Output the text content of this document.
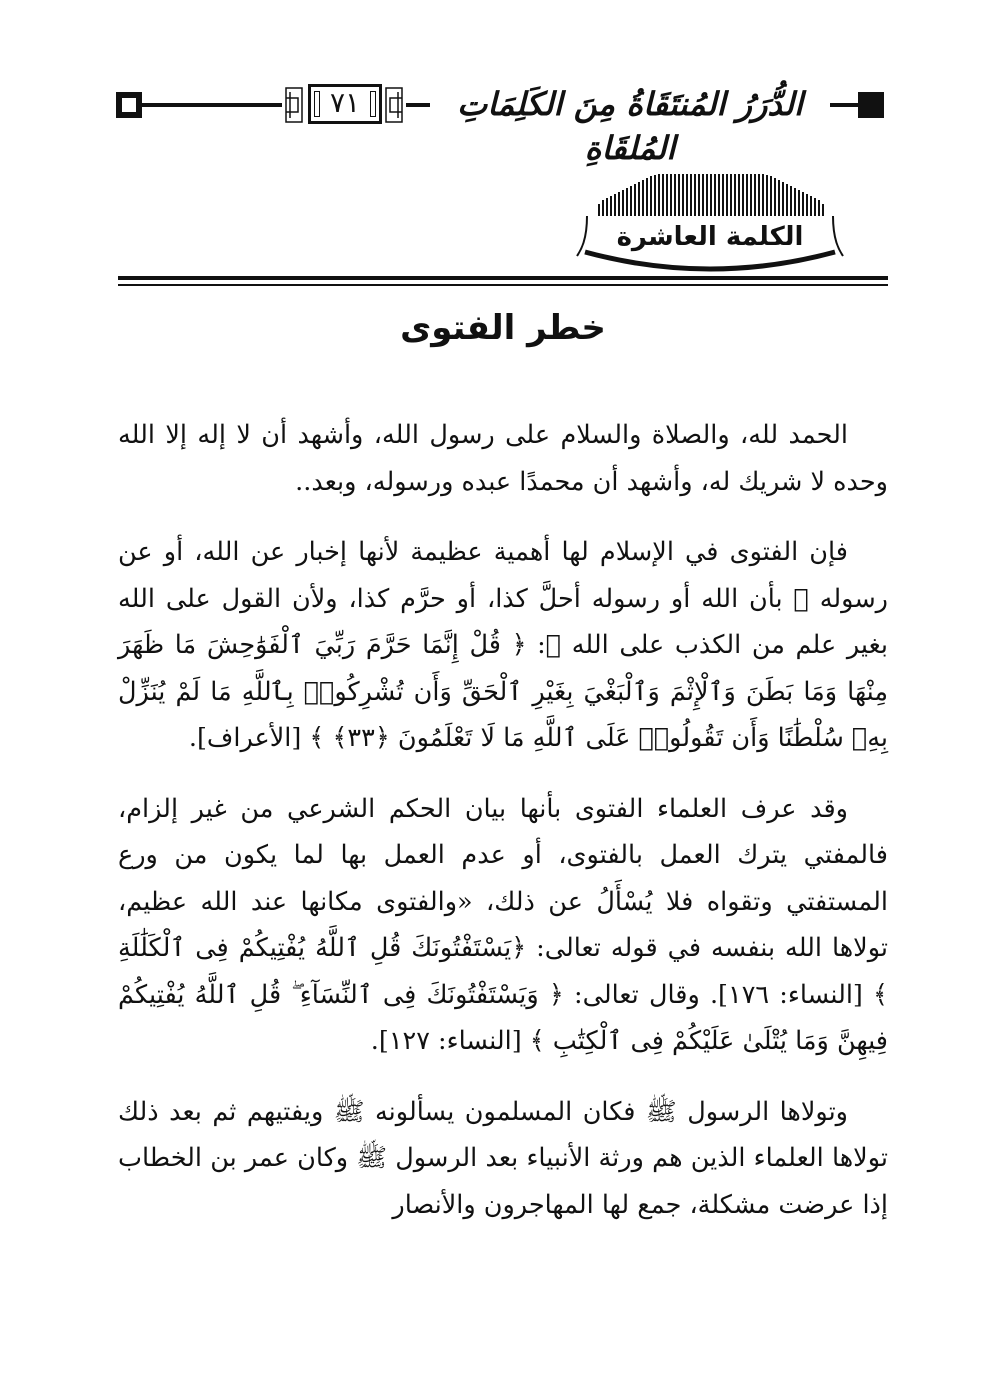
٧١	الدُّرَرُ المُنتَقَاةُ مِنَ الكَلِمَاتِ المُلقَاةِ
الكلمة العاشرة
خطر الفتوى

الحمد لله، والصلاة والسلام على رسول الله، وأشهد أن لا إله إلا الله وحده لا شريك له، وأشهد أن محمدًا عبده ورسوله، وبعد..

فإن الفتوى في الإسلام لها أهمية عظيمة لأنها إخبار عن الله، أو عن رسوله ﷺ بأن الله أو رسوله أحلَّ كذا، أو حرَّم كذا، ولأن القول على الله بغير علم من الكذب على الله ﷻ: ﴿ قُلْ إِنَّمَا حَرَّمَ رَبِّيَ ٱلْفَوَٰحِشَ مَا ظَهَرَ مِنْهَا وَمَا بَطَنَ وَٱلْإِثْمَ وَٱلْبَغْيَ بِغَيْرِ ٱلْحَقِّ وَأَن تُشْرِكُوا۟ بِٱللَّهِ مَا لَمْ يُنَزِّلْ بِهِۦ سُلْطَٰنًا وَأَن تَقُولُوا۟ عَلَى ٱللَّهِ مَا لَا تَعْلَمُونَ ﴿٣٣﴾ ﴾ [الأعراف].

وقد عرف العلماء الفتوى بأنها بيان الحكم الشرعي من غير إلزام، فالمفتي يترك العمل بالفتوى، أو عدم العمل بها لما يكون من ورع المستفتي وتقواه فلا يُسْأَلُ عن ذلك، «والفتوى مكانها عند الله عظيم، تولاها الله بنفسه في قوله تعالى: ﴿يَسْتَفْتُونَكَ قُلِ ٱللَّهُ يُفْتِيكُمْ فِى ٱلْكَلَٰلَةِ ﴾ [النساء: ١٧٦]. وقال تعالى: ﴿ وَيَسْتَفْتُونَكَ فِى ٱلنِّسَآءِ ۖ قُلِ ٱللَّهُ يُفْتِيكُمْ فِيهِنَّ وَمَا يُتْلَىٰ عَلَيْكُمْ فِى ٱلْكِتَٰبِ ﴾ [النساء: ١٢٧].

وتولاها الرسول ﷺ فكان المسلمون يسألونه ﷺ ويفتيهم ثم بعد ذلك تولاها العلماء الذين هم ورثة الأنبياء بعد الرسول ﷺ وكان عمر بن الخطاب إذا عرضت مشكلة، جمع لها المهاجرون والأنصار
